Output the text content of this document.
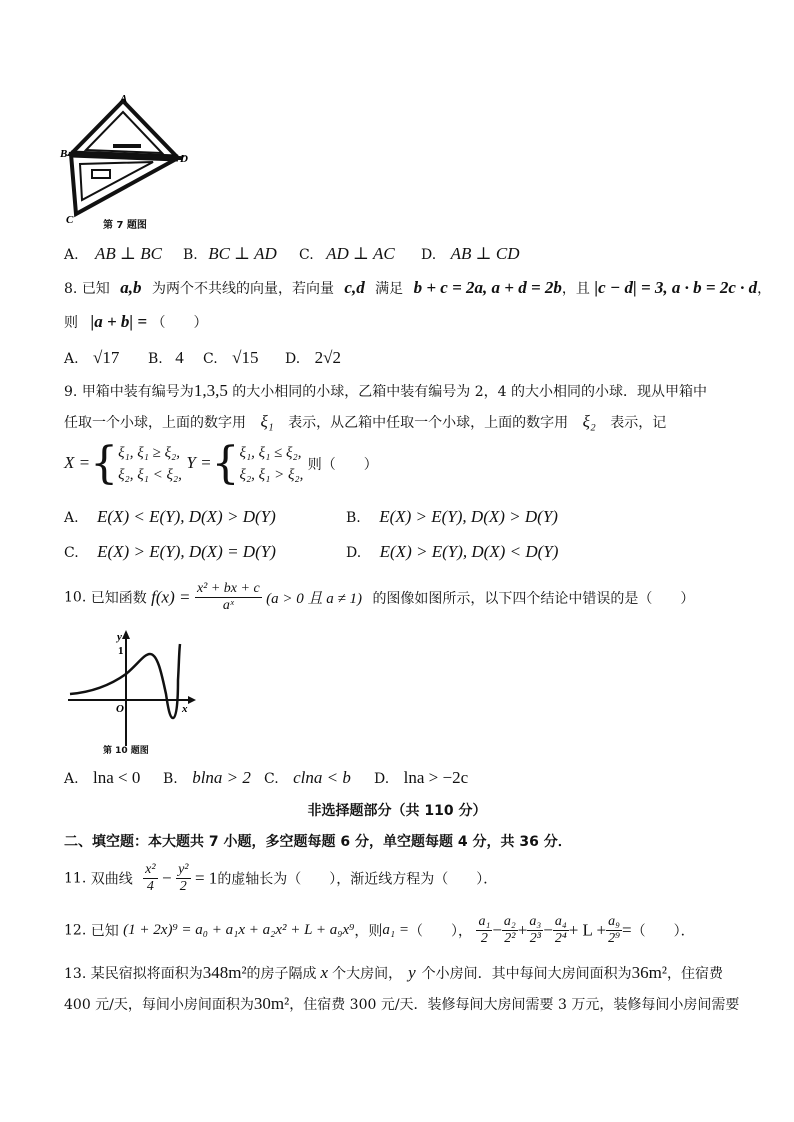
A
B
C
D
第 7 题图
A. AB ⊥ BC B. BC ⊥ AD C. AD ⊥ AC D. AB ⊥ CD
8. 已知 a,b 为两个不共线的向量，若向量 c,d 满足 b + c = 2a, a + d = 2b，且 |c − d| = 3, a · b = 2c · d，
则 |a + b| = （　　）
A. √17 B. 4 C. √15 D. 2√2
9. 甲箱中装有编号为1,3,5 的大小相同的小球，乙箱中装有编号为 2，4 的大小相同的小球．现从甲箱中
任取一个小球，上面的数字用 ξ₁ 表示，从乙箱中任取一个小球，上面的数字用 ξ₂ 表示，记
X ={ ξ₁, ξ₁ ≥ ξ₂,
ξ₂, ξ₁ < ξ₂,
Y ={ ξ₁, ξ₁ ≤ ξ₂,
ξ₂, ξ₁ > ξ₂,
则（　　）
A. E(X) < E(Y), D(X) > D(Y)	B. E(X) > E(Y), D(X) > D(Y)
C. E(X) > E(Y), D(X) = D(Y)	D. E(X) > E(Y), D(X) < D(Y)
10. 已知函数 $f(x) = \frac{\text{x² + bx + c}}{\text{aˣ}} (a > 0$ 且 a ≠ 1) 的图像如图所示，以下四个结论中错误的是（　　）
y
1
O	x
第 10 题图
A. lna < 0 B. blna > 2 C. clna < b D. lna > −2c
非选择题部分（共 110 分）
二、填空题：本大题共 7 小题，多空题每题 6 分，单空题每题 4 分，共 36 分．
11. 双曲线 $\frac{\text{x²}}{4} - \frac{\text{y²}}{2} = 1$的虚轴长为（　　），渐近线方程为（　　）．
12. 已知 (1 + 2x)⁹ = a₀ + a₁x + a₂x² + L + a₉x⁹，则a₁ =（　　）， $\frac{\text{a₁}}{2} - \frac{\text{a₂}}{\text{2²}} + \frac{\text{a₃}}{\text{2³}} - \frac{\text{a₄}}{\text{2⁴}} + L + \frac{\text{a₉}}{\text{2⁹}}$ =（　　）．
13. 某民宿拟将面积为348m²的房子隔成 x 个大房间， y 个小房间．其中每间大房间面积为36m²，住宿费
400 元/天，每间小房间面积为30m²，住宿费 300 元/天．装修每间大房间需要 3 万元，装修每间小房间需要
